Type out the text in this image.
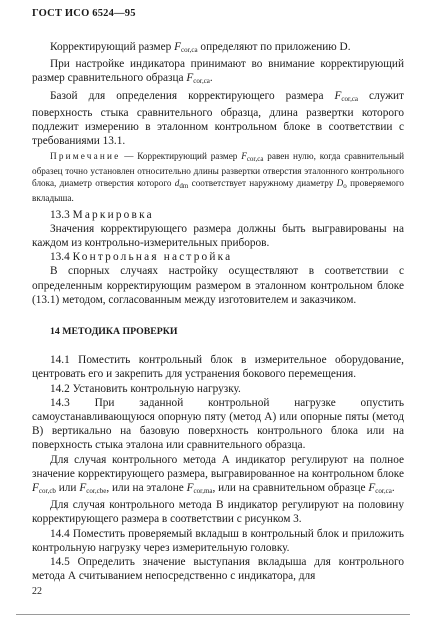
ГОСТ ИСО 6524—95

Корректирующий размер $F_{cor,ca}$ определяют по приложению D.

При настройке индикатора принимают во внимание корректирующий размер сравнительного образца $F_{cor,ca}$.

Базой для определения корректирующего размера $F_{cor,ca}$ служит поверхность стыка сравнительного образца, длина развертки которого подлежит измерению в эталонном контрольном блоке в соответствии с требованиями 13.1.

Примечание — Корректирующий размер $F_{cor,ca}$ равен нулю, когда сравнительный образец точно установлен относительно длины развертки отверстия эталонного контрольного блока, диаметр отверстия которого $d_{dm}$ соответствует наружному диаметру $D_o$ проверяемого вкладыша.

13.3 Маркировка

Значения корректирующего размера должны быть выгравированы на каждом из контрольно-измерительных приборов.

13.4 Контрольная настройка

В спорных случаях настройку осуществляют в соответствии с определенным корректирующим размером в эталонном контрольном блоке (13.1) методом, согласованным между изготовителем и заказчиком.

14 МЕТОДИКА ПРОВЕРКИ

14.1 Поместить контрольный блок в измерительное оборудование, центровать его и закрепить для устранения бокового перемещения.

14.2 Установить контрольную нагрузку.

14.3 При заданной контрольной нагрузке опустить самоустанавливающуюся опорную пяту (метод А) или опорные пяты (метод В) вертикально на базовую поверхность контрольного блока или на поверхность стыка эталона или сравнительного образца.

Для случая контрольного метода А индикатор регулируют на полное значение корректирующего размера, выгравированное на контрольном блоке $F_{cor,cb}$ или $F_{cor,cbe}$, или на эталоне $F_{cor,ma}$, или на сравнительном образце $F_{cor,ca}$.

Для случая контрольного метода В индикатор регулируют на половину корректирующего размера в соответствии с рисунком 3.

14.4 Поместить проверяемый вкладыш в контрольный блок и приложить контрольную нагрузку через измерительную головку.

14.5 Определить значение выступания вкладыша для контрольного метода А считыванием непосредственно с индикатора, для

22
